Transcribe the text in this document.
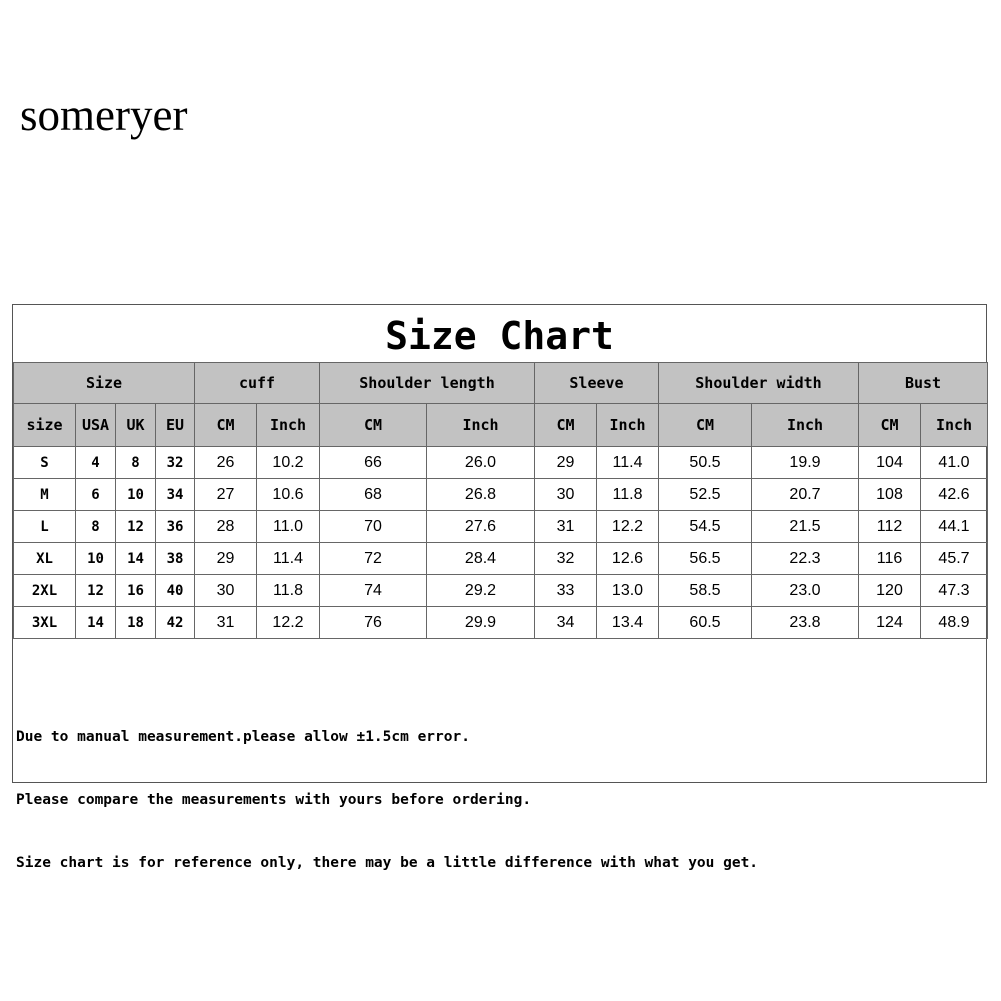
someryer
Size Chart
Size				cuff		Shoulder length		Sleeve		Shoulder width		Bust	
size	USA	UK	EU	CM	Inch	CM	Inch	CM	Inch	CM	Inch	CM	Inch
S	4	8	32	26	10.2	66	26.0	29	11.4	50.5	19.9	104	41.0
M	6	10	34	27	10.6	68	26.8	30	11.8	52.5	20.7	108	42.6
L	8	12	36	28	11.0	70	27.6	31	12.2	54.5	21.5	112	44.1
XL	10	14	38	29	11.4	72	28.4	32	12.6	56.5	22.3	116	45.7
2XL	12	16	40	30	11.8	74	29.2	33	13.0	58.5	23.0	120	47.3
3XL	14	18	42	31	12.2	76	29.9	34	13.4	60.5	23.8	124	48.9

Due to manual measurement.please allow ±1.5cm error.

Please compare the measurements with yours before ordering.

Size chart is for reference only, there may be a little difference with what you get.
